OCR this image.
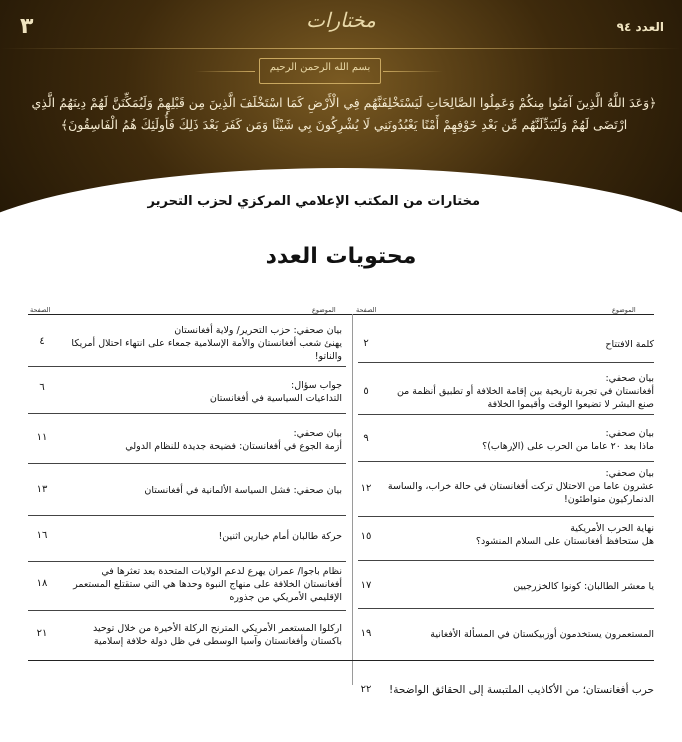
٣	مختارات	العدد ٩٤
بسم الله الرحمن الرحيم
﴿وَعَدَ اللَّهُ الَّذِينَ آمَنُوا مِنكُمْ وَعَمِلُوا الصَّالِحَاتِ لَيَسْتَخْلِفَنَّهُم فِي الْأَرْضِ كَمَا اسْتَخْلَفَ الَّذِينَ مِن قَبْلِهِمْ وَلَيُمَكِّنَنَّ لَهُمْ دِينَهُمُ الَّذِي ارْتَضَى لَهُمْ وَلَيُبَدِّلَنَّهُم مِّن بَعْدِ خَوْفِهِمْ أَمْنًا يَعْبُدُونَنِي لَا يُشْرِكُونَ بِي شَيْئًا وَمَن كَفَرَ بَعْدَ ذَلِكَ فَأُولَئِكَ هُمُ الْفَاسِقُونَ﴾
مختارات من المكتب الإعلامي المركزي لحزب التحرير
محتويات العدد
الموضوع
الصفحة
الموضوع
الصفحة
كلمة الافتتاح
٢
بيان صحفي:
أفغانستان في تجربة تاريخية بين إقامة الخلافة أو تطبيق أنظمة من صنع البشر لا تضيعوا الوقت وأقيموا الخلافة
٥
بيان صحفي:
ماذا بعد ٢٠ عاما من الحرب على (الإرهاب)؟
٩
بيان صحفي:
عشرون عاما من الاحتلال تركت أفغانستان في حالة خراب، والساسة الدنماركيون متواطئون!
١٢
نهاية الحرب الأمريكية
هل ستحافظ أفغانستان على السلام المنشود؟
١٥
يا معشر الطالبان: كونوا كالخزرجيين
١٧
المستعمرون يستخدمون أوزبيكستان في المسألة الأفغانية
١٩
بيان صحفي: حزب التحرير/ ولاية أفغانستان
يهنئ شعب أفغانستان والأمة الإسلامية جمعاء على انتهاء احتلال أمريكا والناتو!
٤
جواب سؤال:
التداعيات السياسية في أفغانستان
٦
بيان صحفي:
أزمة الجوع في أفغانستان: فضيحة جديدة للنظام الدولي
١١
بيان صحفي: فشل السياسة الألمانية في أفغانستان
١٣
حركة طالبان أمام خيارين اثنين!
١٦
نظام باجوا/ عمران يهرع لدعم الولايات المتحدة بعد تعثرها في أفغانستان الخلافة على منهاج النبوة وحدها هي التي ستقتلع المستعمر الإقليمي الأمريكي من جذوره
١٨
اركلوا المستعمر الأمريكي المترنح الركلة الأخيرة من خلال توحيد باكستان وأفغانستان وآسيا الوسطى في ظل دولة خلافة إسلامية
٢١
حرب أفغانستان؛ من الأكاذيب الملتبسة إلى الحقائق الواضحة!
٢٢
